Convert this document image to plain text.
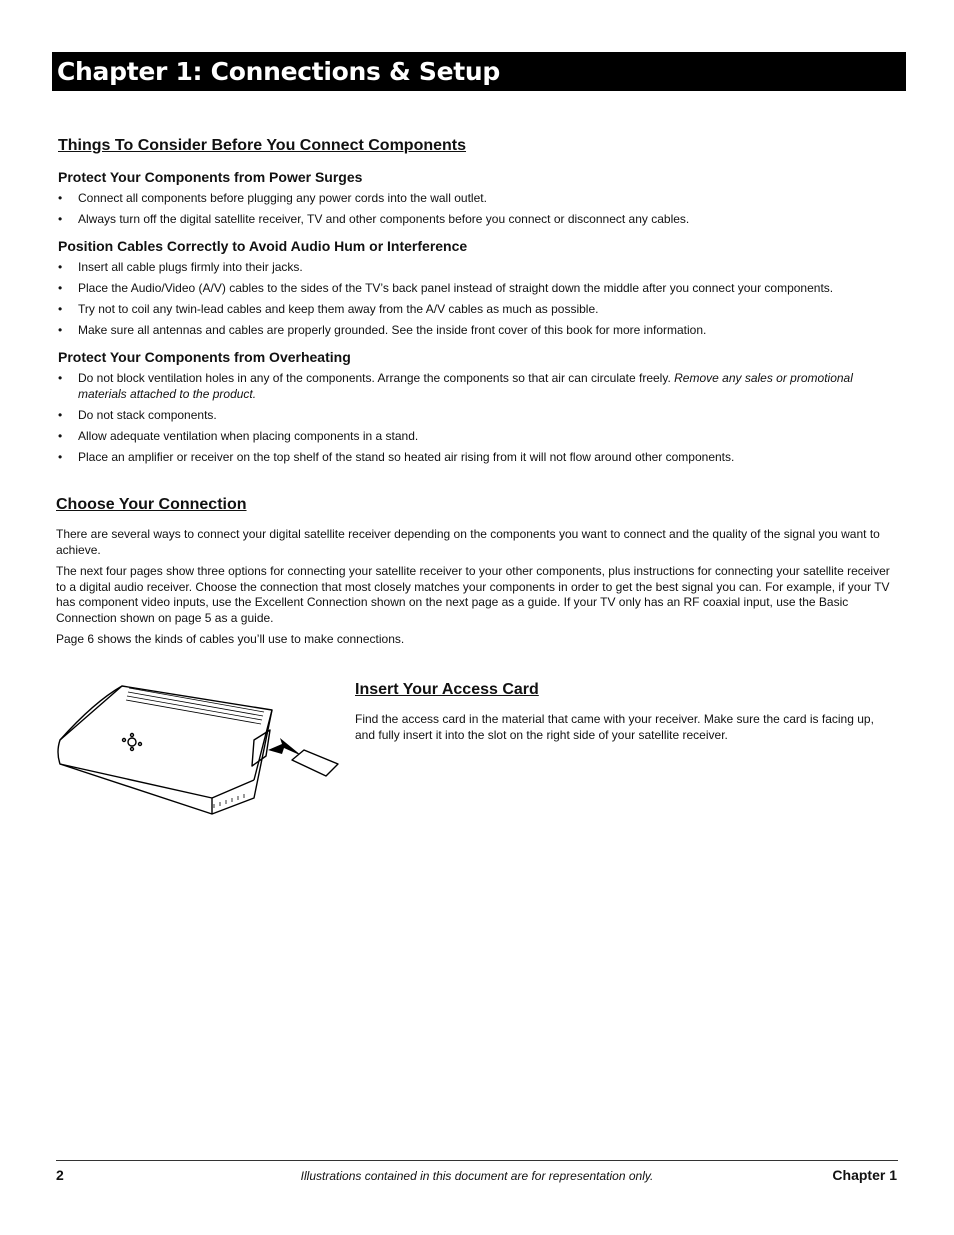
Chapter 1: Connections & Setup
Things To Consider Before You Connect Components
Protect Your Components from Power Surges
• Connect all components before plugging any power cords into the wall outlet.
• Always turn off the digital satellite receiver, TV and other components before you connect or disconnect any cables.
Position Cables Correctly to Avoid Audio Hum or Interference
• Insert all cable plugs firmly into their jacks.
• Place the Audio/Video (A/V) cables to the sides of the TV’s back panel instead of straight down the middle after you connect your components.
• Try not to coil any twin-lead cables and keep them away from the A/V cables as much as possible.
• Make sure all antennas and cables are properly grounded. See the inside front cover of this book for more information.
Protect Your Components from Overheating
• Do not block ventilation holes in any of the components. Arrange the components so that air can circulate freely. Remove any sales or promotional materials attached to the product.
• Do not stack components.
• Allow adequate ventilation when placing components in a stand.
• Place an amplifier or receiver on the top shelf of the stand so heated air rising from it will not flow around other components.
Choose Your Connection

There are several ways to connect your digital satellite receiver depending on the components you want to connect and the quality of the signal you want to achieve.

The next four pages show three options for connecting your satellite receiver to your other components, plus instructions for connecting your satellite receiver to a digital audio receiver. Choose the connection that most closely matches your components in order to get the best signal you can. For example, if your TV has component video inputs, use the Excellent Connection shown on the next page as a guide. If your TV only has an RF coaxial input, use the Basic Connection shown on page 5 as a guide.

Page 6 shows the kinds of cables you’ll use to make connections.

Insert Your Access Card

Find the access card in the material that came with your receiver. Make sure the card is facing up, and fully insert it into the slot on the right side of your satellite receiver.

2	Illustrations contained in this document are for representation only.	Chapter 1
